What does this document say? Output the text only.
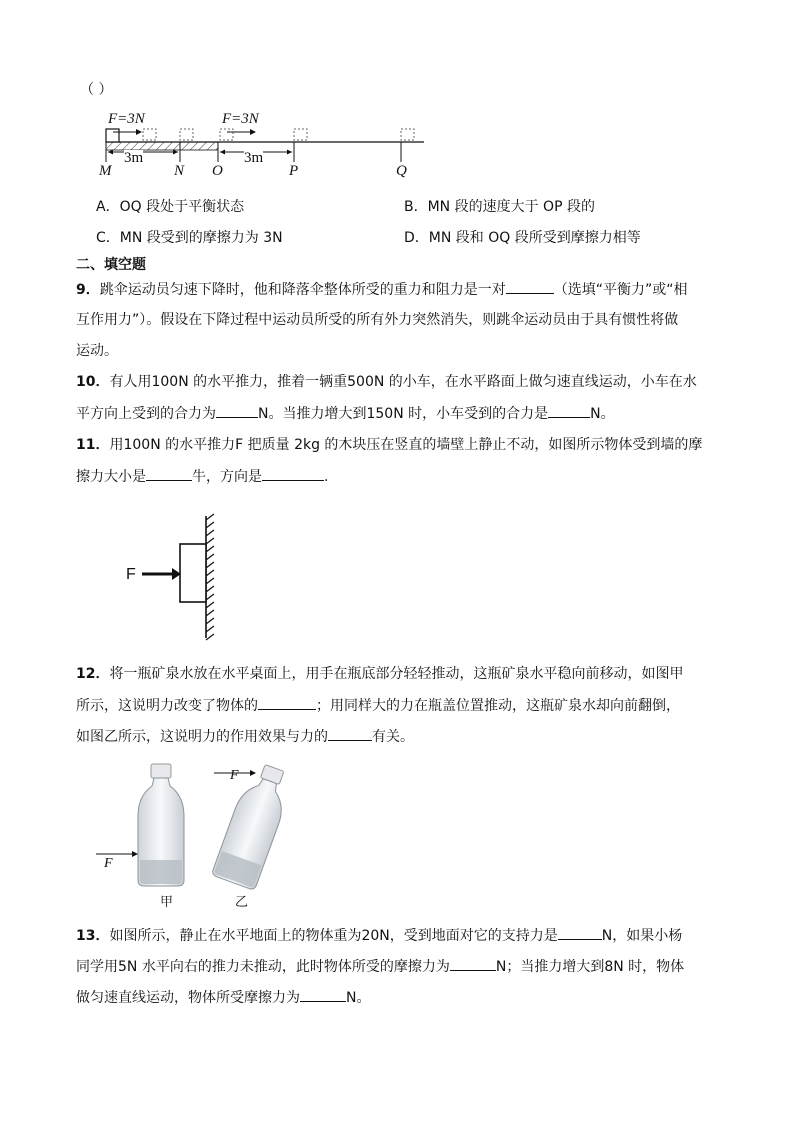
（ ）
F=3N	F=3N
3m	3m
M	N O	P	Q
A．OQ 段处于平衡状态	B．MN 段的速度大于 OP 段的
C．MN 段受到的摩擦力为 3N	D．MN 段和 OQ 段所受到摩擦力相等
二、填空题
9．跳伞运动员匀速下降时，他和降落伞整体所受的重力和阻力是一对	（选填“平衡力”或“相
互作用力”）。假设在下降过程中运动员所受的所有外力突然消失，则跳伞运动员由于具有惯性将做
运动。
10．有人用100N 的水平推力，推着一辆重500N 的小车，在水平路面上做匀速直线运动，小车在水
平方向上受到的合力为	N。当推力增大到150N 时，小车受到的合力是	N。
11．用100N 的水平推力F 把质量 2kg 的木块压在竖直的墙壁上静止不动，如图所示物体受到墙的摩
擦力大小是	牛，方向是	.
F
12．将一瓶矿泉水放在水平桌面上，用手在瓶底部分轻轻推动，这瓶矿泉水平稳向前移动，如图甲
所示，这说明力改变了物体的	；用同样大的力在瓶盖位置推动，这瓶矿泉水却向前翻倒，
如图乙所示，这说明力的作用效果与力的	有关。
F
F
甲	乙
13．如图所示，静止在水平地面上的物体重为20N，受到地面对它的支持力是	N，如果小杨
同学用5N 水平向右的推力未推动，此时物体所受的摩擦力为	N；当推力增大到8N 时，物体
做匀速直线运动，物体所受摩擦力为	N。
